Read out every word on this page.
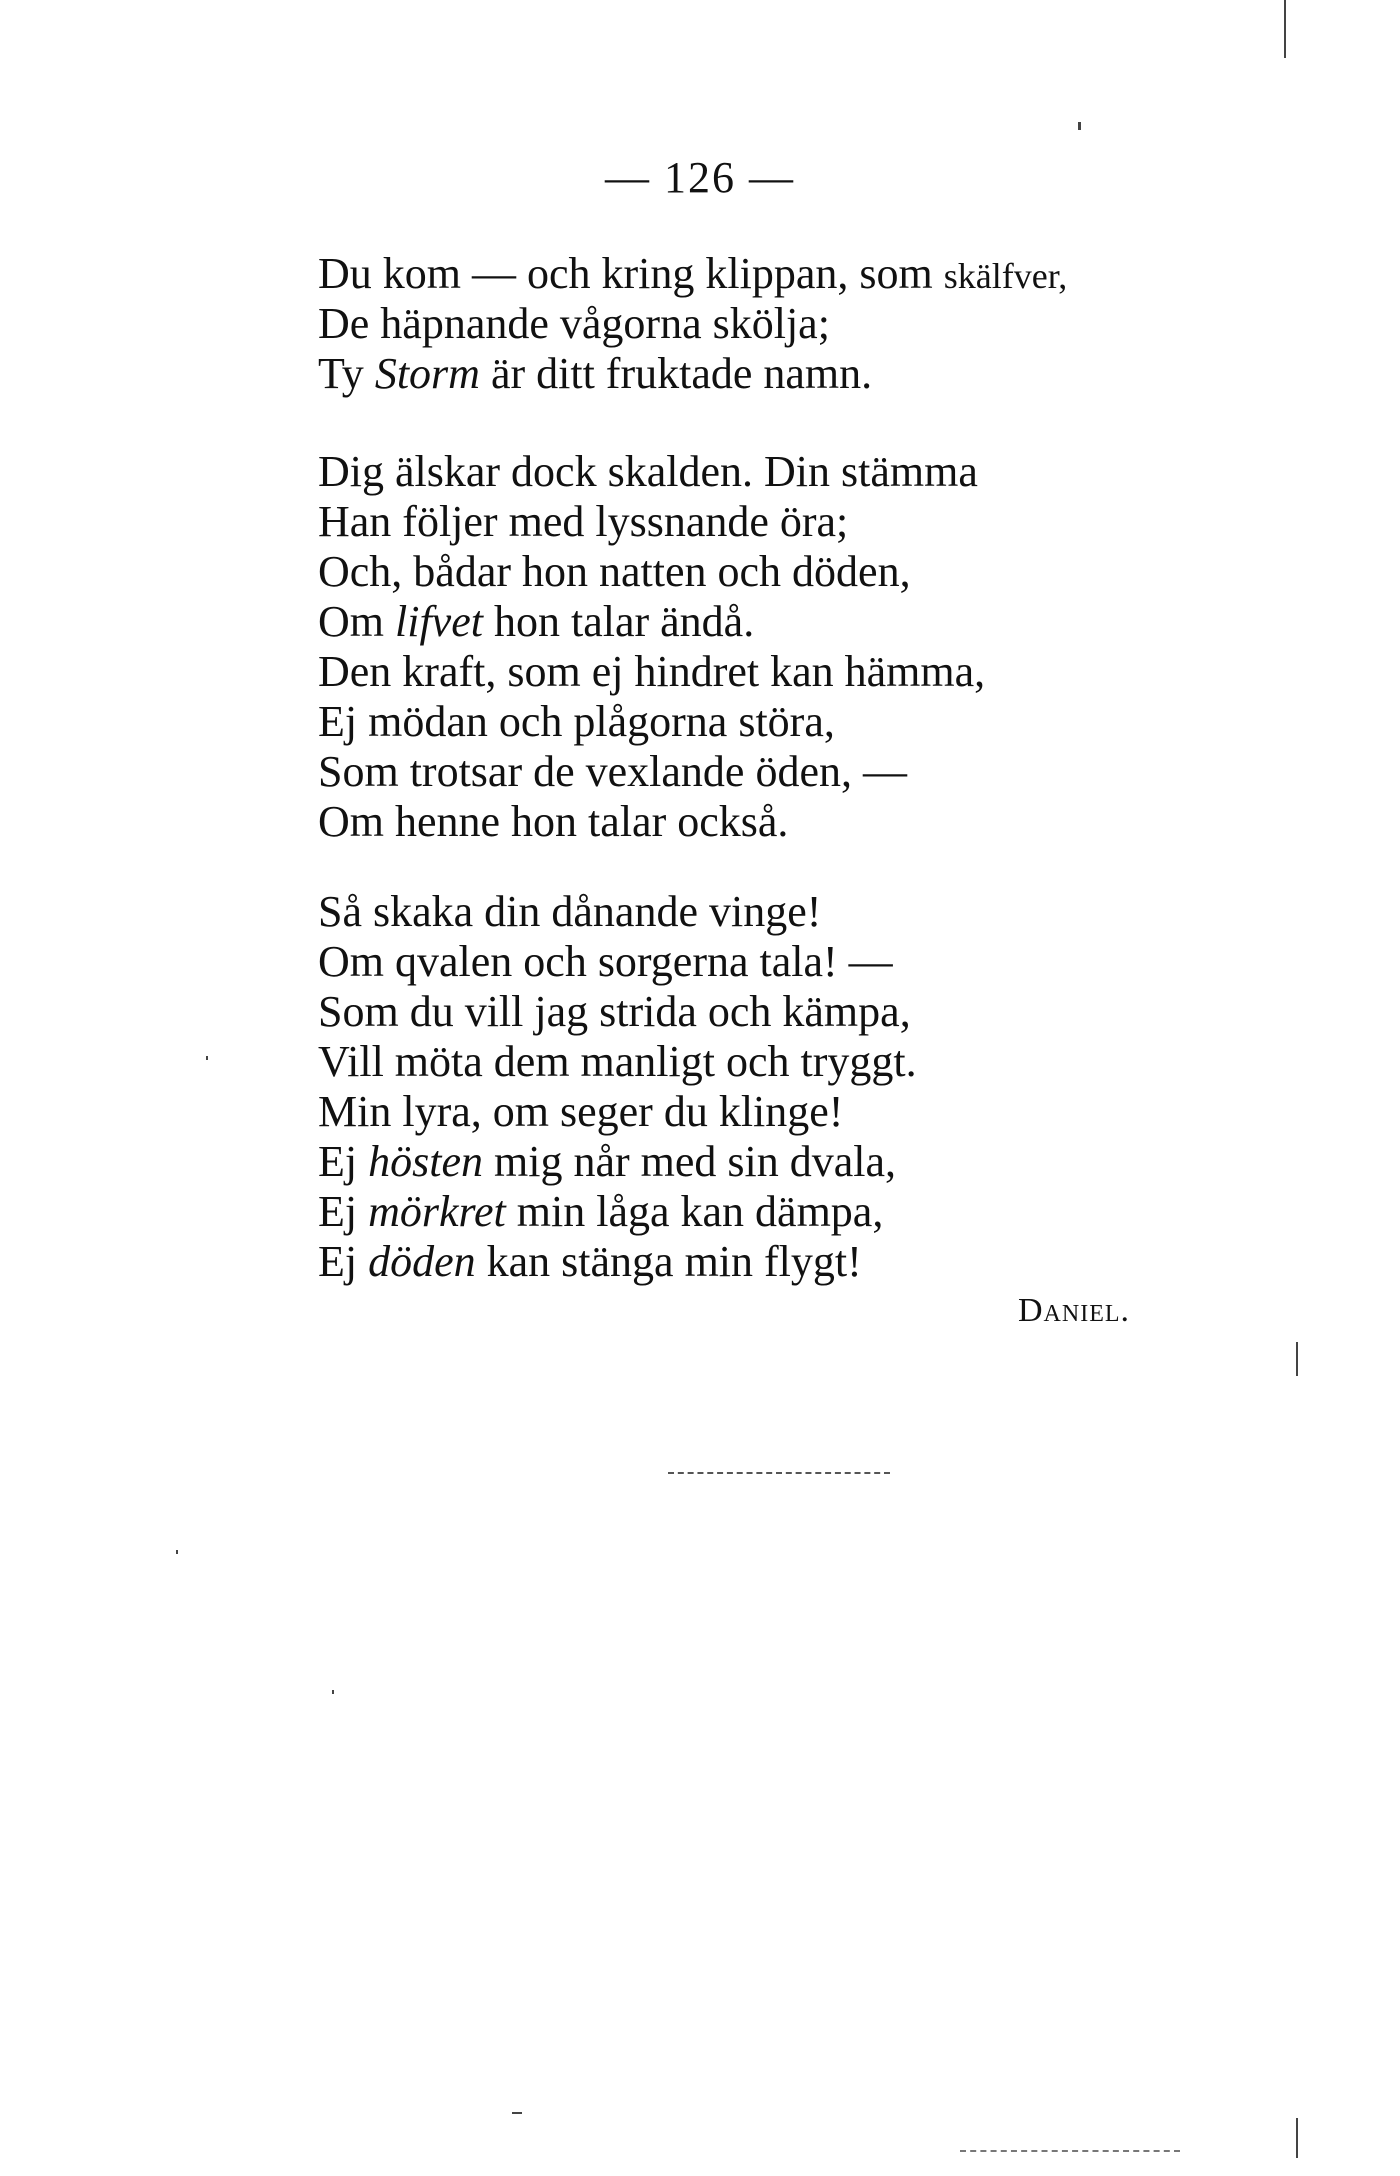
— 126 —
Du kom — och kring klippan, som skälfver,
De häpnande vågorna skölja;
Ty Storm är ditt fruktade namn.
Dig älskar dock skalden. Din stämma
Han följer med lyssnande öra;
Och, bådar hon natten och döden,
Om lifvet hon talar ändå.
Den kraft, som ej hindret kan hämma,
Ej mödan och plågorna störa,
Som trotsar de vexlande öden, —
Om henne hon talar också.
Så skaka din dånande vinge!
Om qvalen och sorgerna tala! —
Som du vill jag strida och kämpa,
Vill möta dem manligt och tryggt.
Min lyra, om seger du klinge!
Ej hösten mig når med sin dvala,
Ej mörkret min låga kan dämpa,
Ej döden kan stänga min flygt!
Daniel.
